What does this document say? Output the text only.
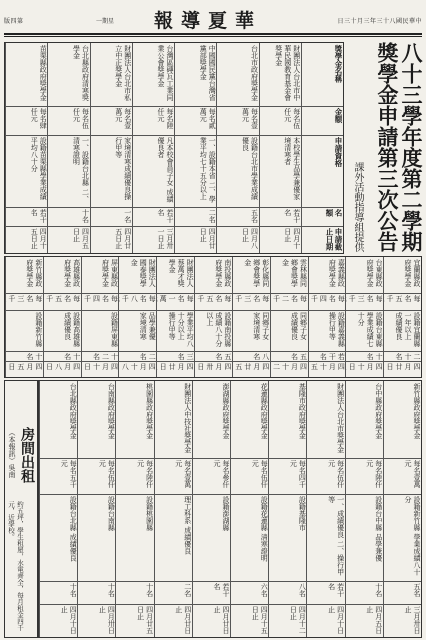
版四第	一期星 報導夏華	日三十月三年三十八國民華中
八十三學年度第二學期
獎學金申請第三次公告
課外活動指導組提供
獎學金名稱
金額
申請資格
名額
申請截止日期
財團法人台北市中華民國教育基金會獎學金
每名伍仟元
本校學生品學兼優家境清寒者
若干名
四月十日止
台北市政府獎學金
每名壹萬元
設籍台北市學業成績優良
五名
四月八日止
中國國民黨台灣省黨部獎學金
每名貳萬元
一、設籍本省 二、學業平均七十五分以上
二名
四月廿日止
台灣區磚瓦工業同業公會獎學金
每名陸仟元
凡本校會員子女 成績優良者
若干名
三月卅一日止
財團法人台北市私立中正獎學金
每名壹萬元
家境清寒成績優良操行甲等
一名
四月廿五日止
台北縣政府清寒獎學金
每名伍仟元
一、設籍台北縣 二、清寒證明
十名
四月五日止
苗栗縣政府獎學金
每名肆仟元
設籍苗栗縣學業成績平均八十分
若干名
四月十五日止
宜蘭縣政府獎學金
每名五千
設籍宜蘭縣一年以上 成績優良
二十名
四月廿日
台東縣政府獎學金
每名三千
設籍台東縣 學業成績七十分
十名
四月十日
嘉義縣政府獎學金
每名四千
設籍嘉義縣 操行甲等
若干名
四月十五
雲林縣同鄉會獎學金
每名二千
同鄉子女 成績優良
五名
四月十二
彰化縣同鄉會獎學金
每名三千
同鄉子女 家境清寒
八名
四月廿五
南投縣政府獎學金
每名五千
設籍南投縣 成績八十分以上
五名
四月卅日
財團法人蔡萬才獎學金
每名一萬
學業平均八十分以上 操行甲等
三名
四月廿日
財團法人國泰獎學金
每名八千
品學兼優 家境清寒
二名
四月十八
屏東縣政府獎學金
每名四千
設籍屏東縣
十二名
四月十日
高雄縣政府獎學金
每名五千
設籍高雄縣 成績優良
十名
四月八日
新竹縣政府獎學金
每名三千
設籍新竹縣
十名
四月五日
新竹縣政府獎學金
每名壹萬元
設籍新竹縣 學業成績八十分
五名
三月卅日止
台中縣政府獎學金
每名陸仟元
設籍台中縣 品學兼優
十名
四月五日止
財團法人台北市獎學金
每名伍仟元
一、成績優良 二、操行甲等
若干名
四月十日止
基隆市政府獎學金
每名四千元
設籍基隆市
八名
四月十二日止
花蓮縣政府獎學金
每名伍仟元
設籍花蓮縣 清寒證明
六名
四月十五日止
澎湖縣政府獎學金
每名參仟元
設籍澎湖縣
若干名
四月廿日止
財團法人中技社獎學金
每名壹萬元
理工科系 成績優良
二名
四月廿日止
桃園縣政府獎學金
每名陸仟元
設籍桃園縣
十名
四月廿五日止
台南縣政府獎學金
每名伍仟元
設籍台南縣
十名
四月卅日止
台北縣政府獎學金
每名五千元
設籍台北縣 成績優良
十名
四月十日止
房間出租
（本報訊）吳南
約五坪，學生租屋，水電齊全，每月租金四千元，近學校。
